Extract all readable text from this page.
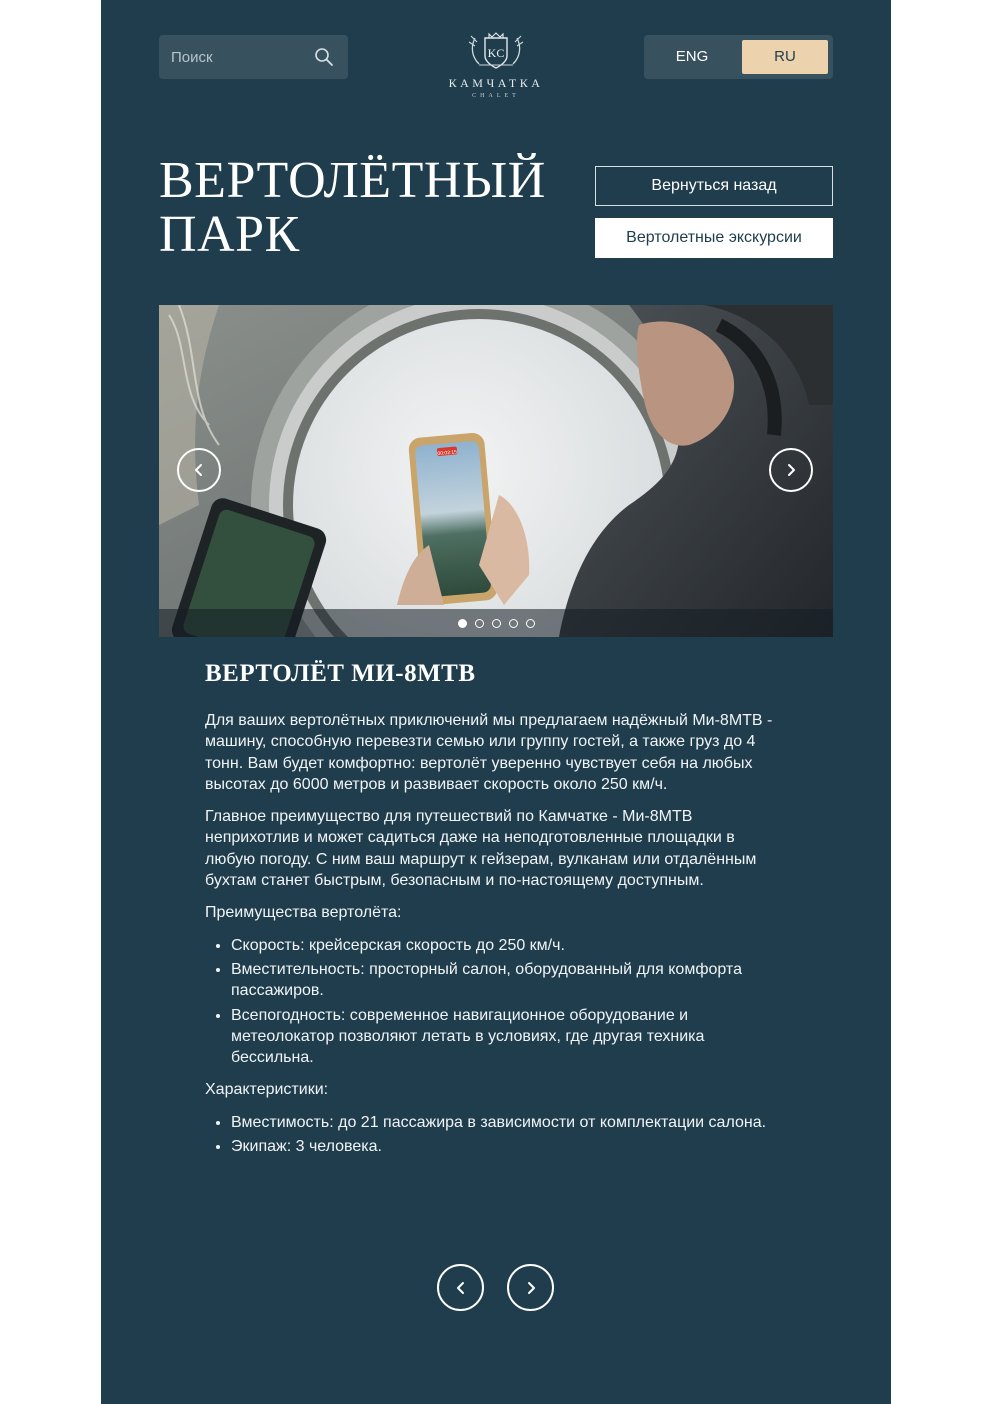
Поиск
KC
КАМЧАТКА
CHALET
ENG	RU
ВЕРТОЛЁТНЫЙ
ПАРК
Вернуться назад
Вертолетные экскурсии
00:02:15
ВЕРТОЛЁТ МИ-8МТВ

Для ваших вертолётных приключений мы предлагаем надёжный Ми-8МТВ - машину, способную перевезти семью или группу гостей, а также груз до 4 тонн. Вам будет комфортно: вертолёт уверенно чувствует себя на любых высотах до 6000 метров и развивает скорость около 250 км/ч.

Главное преимущество для путешествий по Камчатке - Ми-8МТВ неприхотлив и может садиться даже на неподготовленные площадки в любую погоду. С ним ваш маршрут к гейзерам, вулканам или отдалённым бухтам станет быстрым, безопасным и по-настоящему доступным.

Преимущества вертолёта:

• Скорость: крейсерская скорость до 250 км/ч.
• Вместительность: просторный салон, оборудованный для комфорта пассажиров.
• Всепогодность: современное навигационное оборудование и метеолокатор позволяют летать в условиях, где другая техника бессильна.

Характеристики:

• Вместимость: до 21 пассажира в зависимости от комплектации салона.
• Экипаж: 3 человека.
